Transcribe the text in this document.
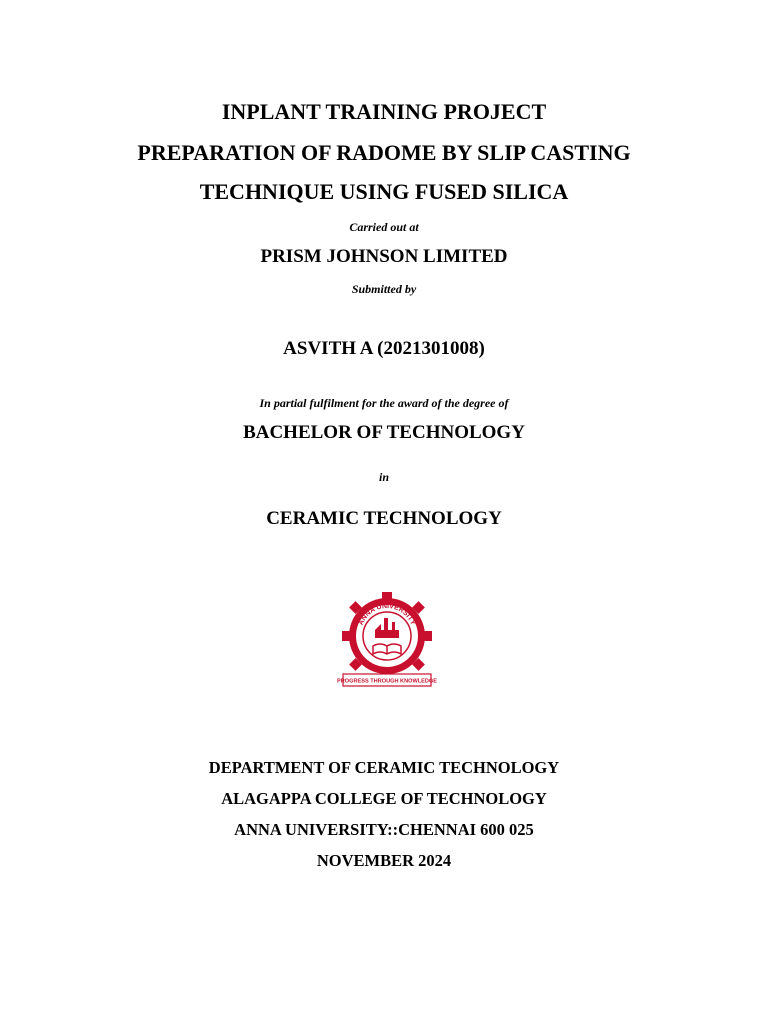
INPLANT TRAINING PROJECT
PREPARATION OF RADOME BY SLIP CASTING
TECHNIQUE USING FUSED SILICA
Carried out at
PRISM JOHNSON LIMITED
Submitted by
ASVITH A (2021301008)
In partial fulfilment for the award of the degree of
BACHELOR OF TECHNOLOGY
in
CERAMIC TECHNOLOGY
ANNA UNIVERSITY
PROGRESS THROUGH KNOWLEDGE
DEPARTMENT OF CERAMIC TECHNOLOGY
ALAGAPPA COLLEGE OF TECHNOLOGY
ANNA UNIVERSITY::CHENNAI 600 025
NOVEMBER 2024
